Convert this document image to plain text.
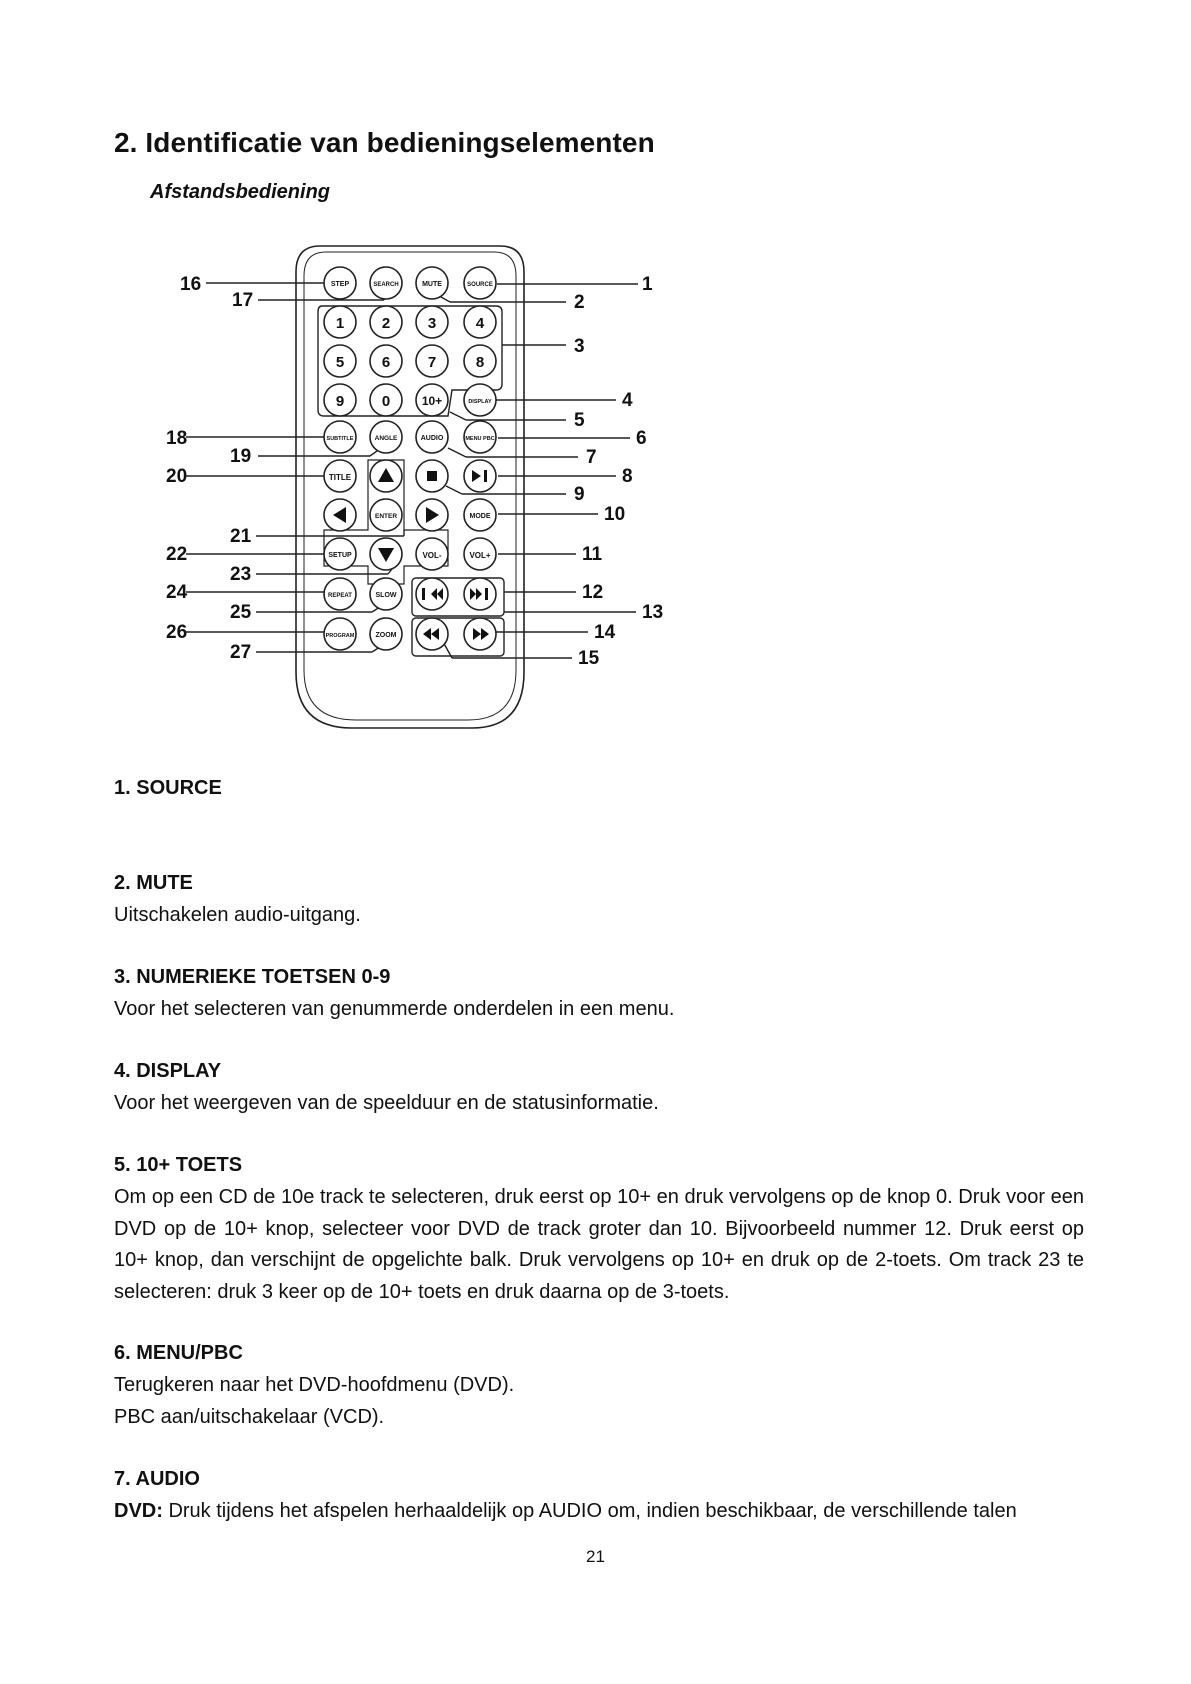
2. Identificatie van bedieningselementen
Afstandsbediening
STEP	SEARCH	MUTE	SOURCE
1	2	3	4
5	6	7	8
9	0	10+	DISPLAY
SUBTITLE	ANGLE	AUDIO	MENU PBC
TITLE
ENTER	MODE
SETUP	VOL-	VOL+
REPEAT	SLOW
PROGRAM	ZOOM
1
2
3
4
5
6
7
8
9
10
11
12
13
14
15
16
17
18
19
20
21
22
23
24
25
26
27
1. SOURCE
2. MUTE

Uitschakelen audio-uitgang.

3. NUMERIEKE TOETSEN 0-9

Voor het selecteren van genummerde onderdelen in een menu.

4. DISPLAY

Voor het weergeven van de speelduur en de statusinformatie.

5. 10+ TOETS

Om op een CD de 10e track te selecteren, druk eerst op 10+ en druk vervolgens op de knop 0. Druk voor een DVD op de 10+ knop, selecteer voor DVD de track groter dan 10. Bijvoorbeeld nummer 12. Druk eerst op 10+ knop, dan verschijnt de opgelichte balk. Druk vervolgens op 10+ en druk op de 2-toets. Om track 23 te selecteren: druk 3 keer op de 10+ toets en druk daarna op de 3-toets.

6. MENU/PBC

Terugkeren naar het DVD-hoofdmenu (DVD).

PBC aan/uitschakelaar (VCD).

7. AUDIO

DVD: Druk tijdens het afspelen herhaaldelijk op AUDIO om, indien beschikbaar, de verschillende talen

21
